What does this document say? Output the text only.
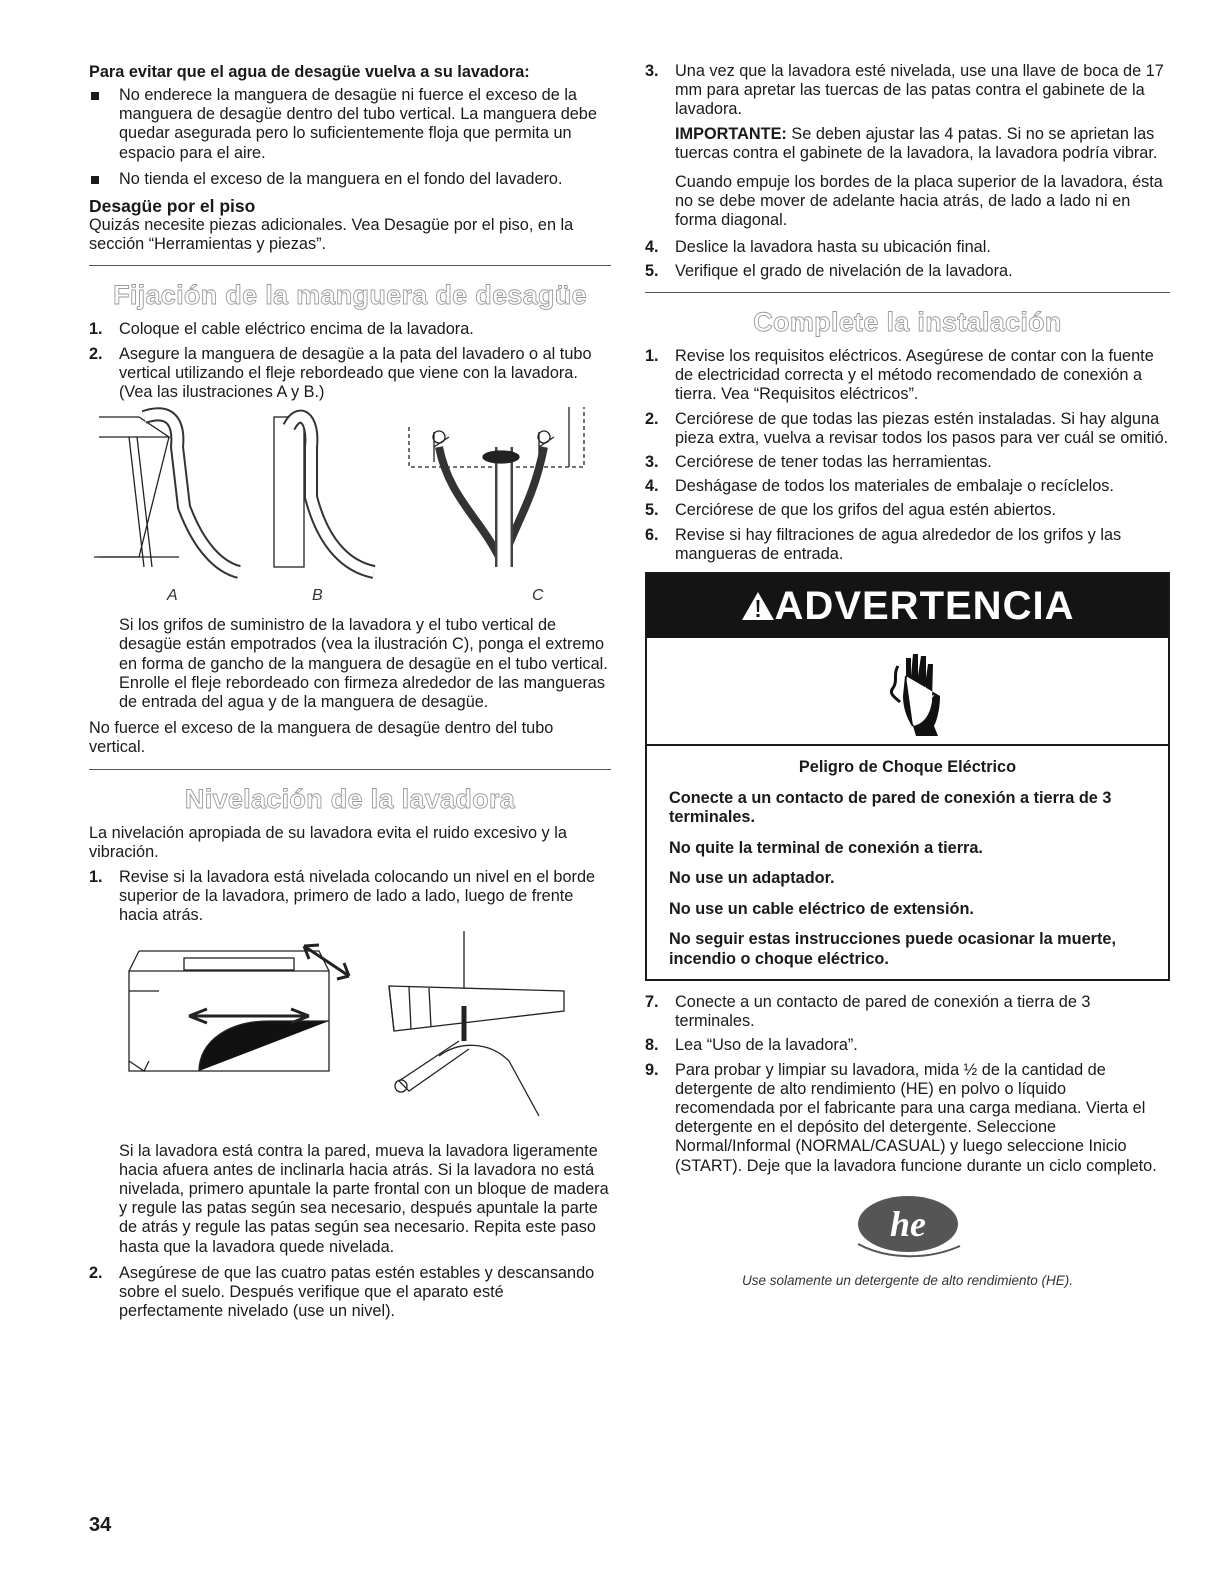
Para evitar que el agua de desagüe vuelva a su lavadora:
No enderece la manguera de desagüe ni fuerce el exceso de la manguera de desagüe dentro del tubo vertical. La manguera debe quedar asegurada pero lo suficientemente floja que permita un espacio para el aire.
No tienda el exceso de la manguera en el fondo del lavadero.
Desagüe por el piso

Quizás necesite piezas adicionales. Vea Desagüe por el piso, en la sección “Herramientas y piezas”.

Fijación de la manguera de desagüe
1. Coloque el cable eléctrico encima de la lavadora.
2. Asegure la manguera de desagüe a la pata del lavadero o al tubo vertical utilizando el fleje rebordeado que viene con la lavadora. (Vea las ilustraciones A y B.)
A	B	C

Si los grifos de suministro de la lavadora y el tubo vertical de desagüe están empotrados (vea la ilustración C), ponga el extremo en forma de gancho de la manguera de desagüe en el tubo vertical. Enrolle el fleje rebordeado con firmeza alrededor de las mangueras de entrada del agua y de la manguera de desagüe.

No fuerce el exceso de la manguera de desagüe dentro del tubo vertical.

Nivelación de la lavadora

La nivelación apropiada de su lavadora evita el ruido excesivo y la vibración.

1. Revise si la lavadora está nivelada colocando un nivel en el borde superior de la lavadora, primero de lado a lado, luego de frente hacia atrás.

Si la lavadora está contra la pared, mueva la lavadora ligeramente hacia afuera antes de inclinarla hacia atrás. Si la lavadora no está nivelada, primero apuntale la parte frontal con un bloque de madera y regule las patas según sea necesario, después apuntale la parte de atrás y regule las patas según sea necesario. Repita este paso hasta que la lavadora quede nivelada.

2. Asegúrese de que las cuatro patas estén estables y descansando sobre el suelo. Después verifique que el aparato esté perfectamente nivelado (use un nivel).
3. Una vez que la lavadora esté nivelada, use una llave de boca de 17 mm para apretar las tuercas de las patas contra el gabinete de la lavadora.

IMPORTANTE: Se deben ajustar las 4 patas. Si no se aprietan las tuercas contra el gabinete de la lavadora, la lavadora podría vibrar.

Cuando empuje los bordes de la placa superior de la lavadora, ésta no se debe mover de adelante hacia atrás, de lado a lado ni en forma diagonal.

4. Deslice la lavadora hasta su ubicación final.
5. Verifique el grado de nivelación de la lavadora.
Complete la instalación
1. Revise los requisitos eléctricos. Asegúrese de contar con la fuente de electricidad correcta y el método recomendado de conexión a tierra. Vea “Requisitos eléctricos”.
2. Cerciórese de que todas las piezas estén instaladas. Si hay alguna pieza extra, vuelva a revisar todos los pasos para ver cuál se omitió.
3. Cerciórese de tener todas las herramientas.
4. Deshágase de todos los materiales de embalaje o recíclelos.
5. Cerciórese de que los grifos del agua estén abiertos.
6. Revise si hay filtraciones de agua alrededor de los grifos y las mangueras de entrada.
ADVERTENCIA

Peligro de Choque Eléctrico

Conecte a un contacto de pared de conexión a tierra de 3 terminales.

No quite la terminal de conexión a tierra.

No use un adaptador.

No use un cable eléctrico de extensión.

No seguir estas instrucciones puede ocasionar la muerte, incendio o choque eléctrico.

7. Conecte a un contacto de pared de conexión a tierra de 3 terminales.
8. Lea “Uso de la lavadora”.
9. Para probar y limpiar su lavadora, mida ½ de la cantidad de detergente de alto rendimiento (HE) en polvo o líquido recomendada por el fabricante para una carga mediana. Vierta el detergente en el depósito del detergente. Seleccione Normal/Informal (NORMAL/CASUAL) y luego seleccione Inicio (START). Deje que la lavadora funcione durante un ciclo completo.
he

Use solamente un detergente de alto rendimiento (HE).

34
